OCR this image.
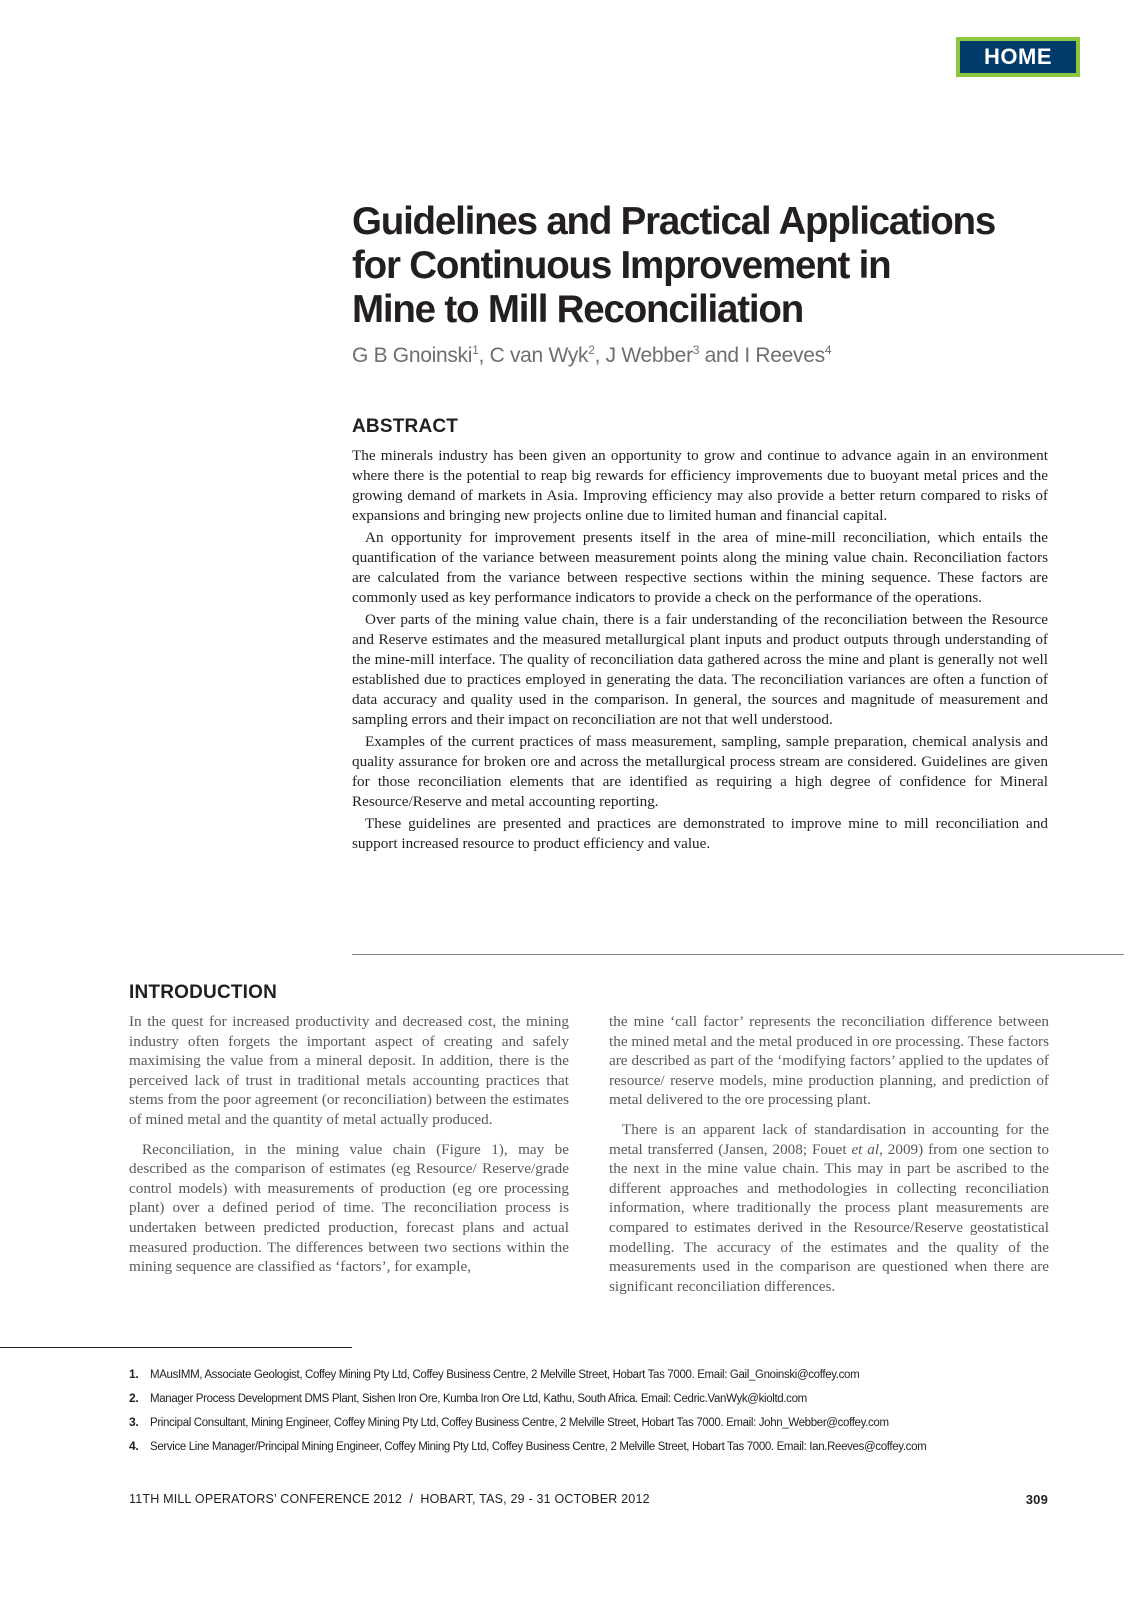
HOME
Guidelines and Practical Applications
for Continuous Improvement in
Mine to Mill Reconciliation
G B Gnoinski$^1$, C van Wyk$^2$, J Webber$^3$ and I Reeves$^4$
ABSTRACT

The minerals industry has been given an opportunity to grow and continue to advance again in an environment where there is the potential to reap big rewards for efficiency improvements due to buoyant metal prices and the growing demand of markets in Asia. Improving efficiency may also provide a better return compared to risks of expansions and bringing new projects online due to limited human and financial capital.

An opportunity for improvement presents itself in the area of mine-mill reconciliation, which entails the quantification of the variance between measurement points along the mining value chain. Reconciliation factors are calculated from the variance between respective sections within the mining sequence. These factors are commonly used as key performance indicators to provide a check on the performance of the operations.

Over parts of the mining value chain, there is a fair understanding of the reconciliation between the Resource and Reserve estimates and the measured metallurgical plant inputs and product outputs through understanding of the mine-mill interface. The quality of reconciliation data gathered across the mine and plant is generally not well established due to practices employed in generating the data. The reconciliation variances are often a function of data accuracy and quality used in the comparison. In general, the sources and magnitude of measurement and sampling errors and their impact on reconciliation are not that well understood.

Examples of the current practices of mass measurement, sampling, sample preparation, chemical analysis and quality assurance for broken ore and across the metallurgical process stream are considered. Guidelines are given for those reconciliation elements that are identified as requiring a high degree of confidence for Mineral Resource/Reserve and metal accounting reporting.

These guidelines are presented and practices are demonstrated to improve mine to mill reconciliation and support increased resource to product efficiency and value.

INTRODUCTION

In the quest for increased productivity and decreased cost, the mining industry often forgets the important aspect of creating and safely maximising the value from a mineral deposit. In addition, there is the perceived lack of trust in traditional metals accounting practices that stems from the poor agreement (or reconciliation) between the estimates of mined metal and the quantity of metal actually produced.

Reconciliation, in the mining value chain (Figure 1), may be described as the comparison of estimates (eg Resource/ Reserve/grade control models) with measurements of production (eg ore processing plant) over a defined period of time. The reconciliation process is undertaken between predicted production, forecast plans and actual measured production. The differences between two sections within the mining sequence are classified as ‘factors’, for example,

the mine ‘call factor’ represents the reconciliation difference between the mined metal and the metal produced in ore processing. These factors are described as part of the ‘modifying factors’ applied to the updates of resource/ reserve models, mine production planning, and prediction of metal delivered to the ore processing plant.

There is an apparent lack of standardisation in accounting for the metal transferred (Jansen, 2008; Fouet et al, 2009) from one section to the next in the mine value chain. This may in part be ascribed to the different approaches and methodologies in collecting reconciliation information, where traditionally the process plant measurements are compared to estimates derived in the Resource/Reserve geostatistical modelling. The accuracy of the estimates and the quality of the measurements used in the comparison are questioned when there are significant reconciliation differences.

1.	MAusIMM, Associate Geologist, Coffey Mining Pty Ltd, Coffey Business Centre, 2 Melville Street, Hobart Tas 7000. Email: Gail_Gnoinski@coffey.com
2.	Manager Process Development DMS Plant, Sishen Iron Ore, Kumba Iron Ore Ltd, Kathu, South Africa. Email: Cedric.VanWyk@kioltd.com
3.	Principal Consultant, Mining Engineer, Coffey Mining Pty Ltd, Coffey Business Centre, 2 Melville Street, Hobart Tas 7000. Email: John_Webber@coffey.com
4.	Service Line Manager/Principal Mining Engineer, Coffey Mining Pty Ltd, Coffey Business Centre, 2 Melville Street, Hobart Tas 7000. Email: Ian.Reeves@coffey.com
11TH MILL OPERATORS’ CONFERENCE 2012  /  HOBART, TAS, 29 - 31 OCTOBER 2012	309
